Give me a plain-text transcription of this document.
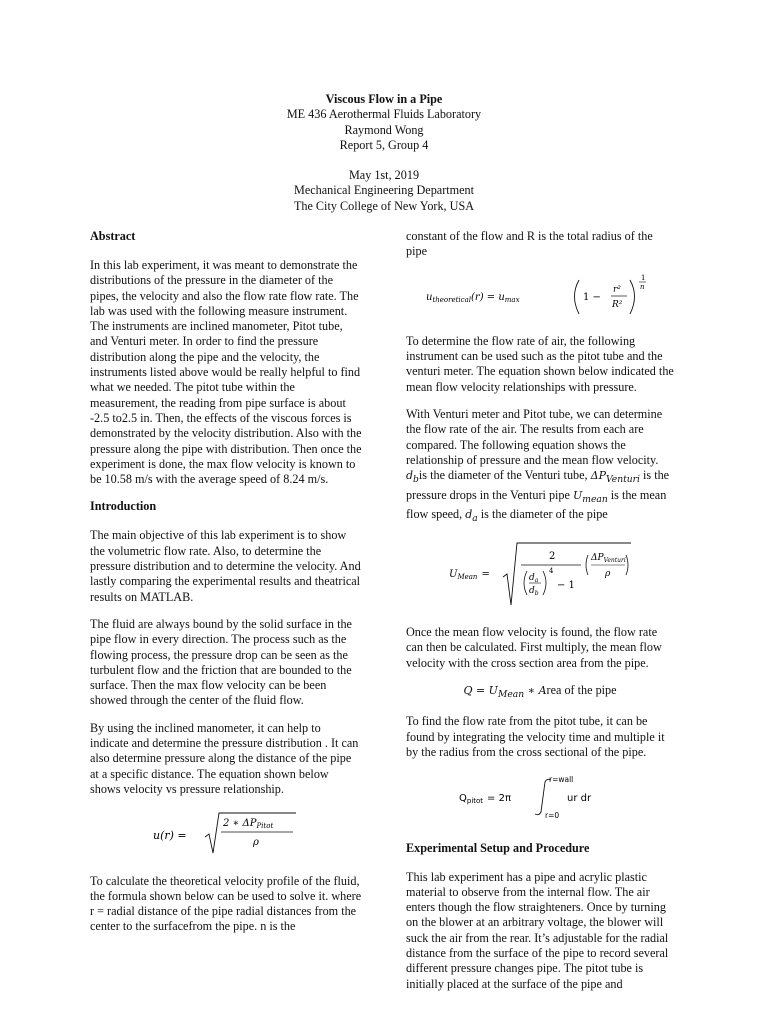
Viscous Flow in a Pipe
ME 436 Aerothermal Fluids Laboratory
Raymond Wong
Report 5, Group 4
May 1st, 2019
Mechanical Engineering Department
The City College of New York, USA
Abstract

In this lab experiment, it was meant to demonstrate the distributions of the pressure in the diameter of the pipes, the velocity and also the flow rate flow rate. The lab was used with the following measure instrument. The instruments are inclined manometer, Pitot tube, and Venturi meter. In order to find the pressure distribution along the pipe and the velocity, the instruments listed above would be really helpful to find what we needed. The pitot tube within the measurement, the reading from pipe surface is about -2.5 to2.5 in. Then, the effects of the viscous forces is demonstrated by the velocity distribution. Also with the pressure along the pipe with distribution. Then once the experiment is done, the max flow velocity is known to be 10.58 m/s with the average speed of 8.24 m/s.

Introduction

The main objective of this lab experiment is to show the volumetric flow rate. Also, to determine the pressure distribution and to determine the velocity. And lastly comparing the experimental results and theatrical results on MATLAB.

The fluid are always bound by the solid surface in the pipe flow in every direction. The process such as the flowing process, the pressure drop can be seen as the turbulent flow and the friction that are bounded to the surface. Then the max flow velocity can be been showed through the center of the fluid flow.

By using the inclined manometer, it can help to indicate and determine the pressure distribution . It can also determine pressure along the distance of the pipe at a specific distance. The equation shown below shows velocity vs pressure relationship.

u(r) =
2 ∗ $\Delta P_{Pitot}$
ρ

To calculate the theoretical velocity profile of the fluid, the formula shown below can be used to solve it. where r = radial distance of the pipe radial distances from the center to the surfacefrom the pipe. n is the

constant of the flow and R is the total radius of the pipe

$u_{theoretical}(r) = u_{max}$	1 −
r²
R²
1
n

To determine the flow rate of air, the following instrument can be used such as the pitot tube and the venturi meter. The equation shown below indicated the mean flow velocity relationships with pressure.

With Venturi meter and Pitot tube, we can determine the flow rate of the air. The results from each are compared. The following equation shows the relationship of pressure and the mean flow velocity. $d_bis$ the diameter of the Venturi tube, $\Delta P_{Venturi}$ is the pressure drops in the Venturi pipe $U_{mean}$ is the mean flow speed, $d_a$ is the diameter of the pipe

$U_{Mean}$ =
2
$d_a$
$d_b$
4
− 1
$\Delta P_{Venturi}$
ρ

Once the mean flow velocity is found, the flow rate can then be calculated. First multiply, the mean flow velocity with the cross section area from the pipe.

$Q = U_{Mean}$ ∗ Area of the pipe

To find the flow rate from the pitot tube, it can be found by integrating the velocity time and multiple it by the radius from the cross sectional of the pipe.

$Q_{pitot} = 2\pi$
r=wall
r=0
ur dr
Experimental Setup and Procedure

This lab experiment has a pipe and acrylic plastic material to observe from the internal flow. The air enters though the flow straighteners. Once by turning on the blower at an arbitrary voltage, the blower will suck the air from the rear. It’s adjustable for the radial distance from the surface of the pipe to record several different pressure changes pipe. The pitot tube is initially placed at the surface of the pipe and
